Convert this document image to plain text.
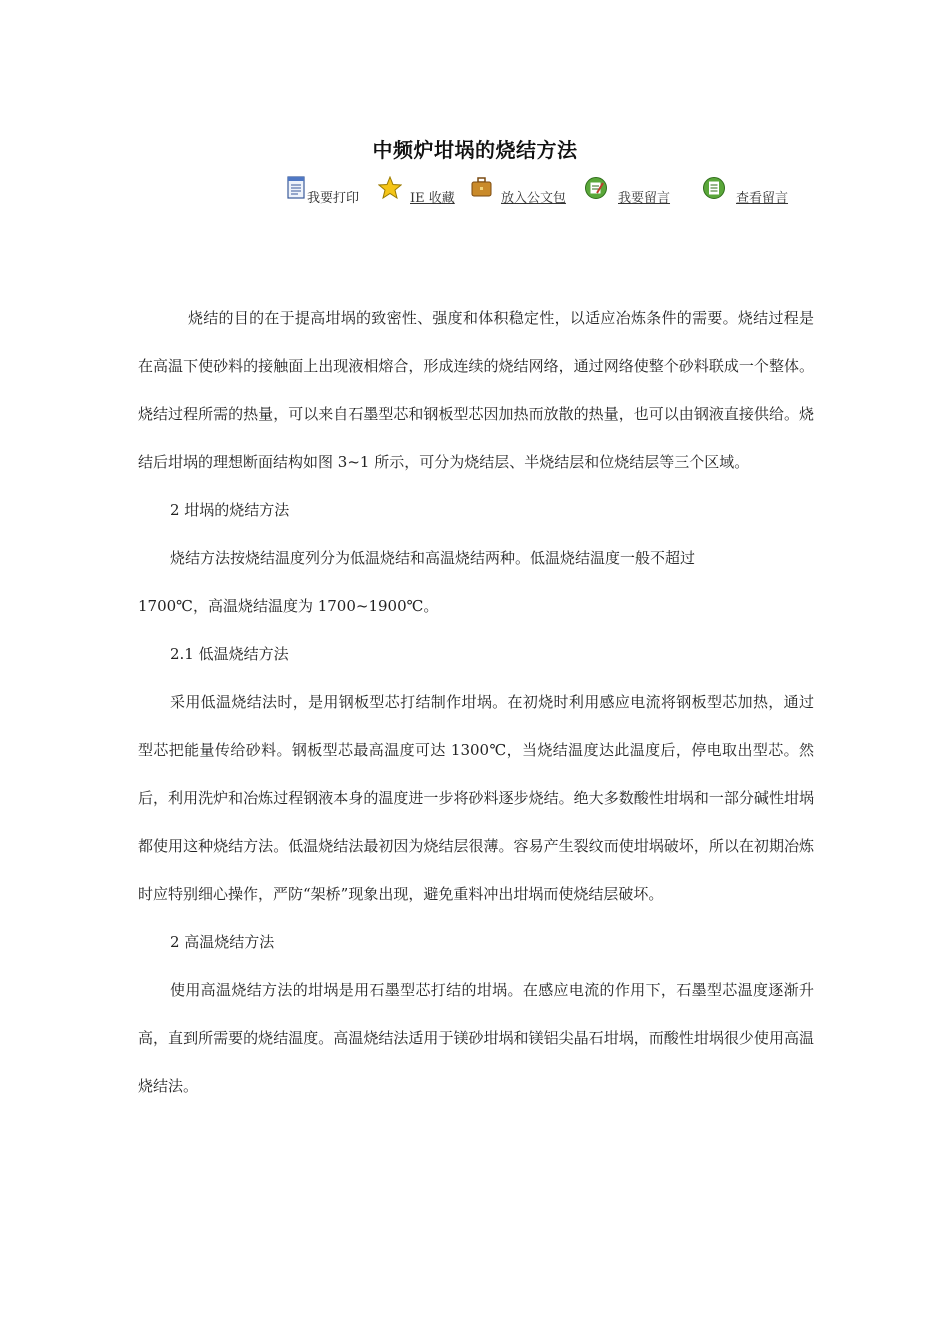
中频炉坩埚的烧结方法
我要打印	IE 收藏	放入公文包	我要留言	查看留言

烧结的目的在于提高坩埚的致密性、强度和体积稳定性，以适应冶炼条件的需要。烧结过程是在高温下使砂料的接触面上出现液相熔合，形成连续的烧结网络，通过网络使整个砂料联成一个整体。烧结过程所需的热量，可以来自石墨型芯和钢板型芯因加热而放散的热量，也可以由钢液直接供给。烧结后坩埚的理想断面结构如图 3~1 所示，可分为烧结层、半烧结层和位烧结层等三个区域。

2 坩埚的烧结方法

烧结方法按烧结温度列分为低温烧结和高温烧结两种。低温烧结温度一般不超过

1700℃，高温烧结温度为 1700~1900℃。

2.1 低温烧结方法

采用低温烧结法时，是用钢板型芯打结制作坩埚。在初烧时利用感应电流将钢板型芯加热，通过型芯把能量传给砂料。钢板型芯最高温度可达 1300℃，当烧结温度达此温度后，停电取出型芯。然后，利用洗炉和冶炼过程钢液本身的温度进一步将砂料逐步烧结。绝大多数酸性坩埚和一部分碱性坩埚都使用这种烧结方法。低温烧结法最初因为烧结层很薄。容易产生裂纹而使坩埚破坏，所以在初期冶炼时应特别细心操作，严防“架桥”现象出现，避免重料冲出坩埚而使烧结层破坏。

2 高温烧结方法

使用高温烧结方法的坩埚是用石墨型芯打结的坩埚。在感应电流的作用下，石墨型芯温度逐渐升高，直到所需要的烧结温度。高温烧结法适用于镁砂坩埚和镁铝尖晶石坩埚，而酸性坩埚很少使用高温烧结法。
